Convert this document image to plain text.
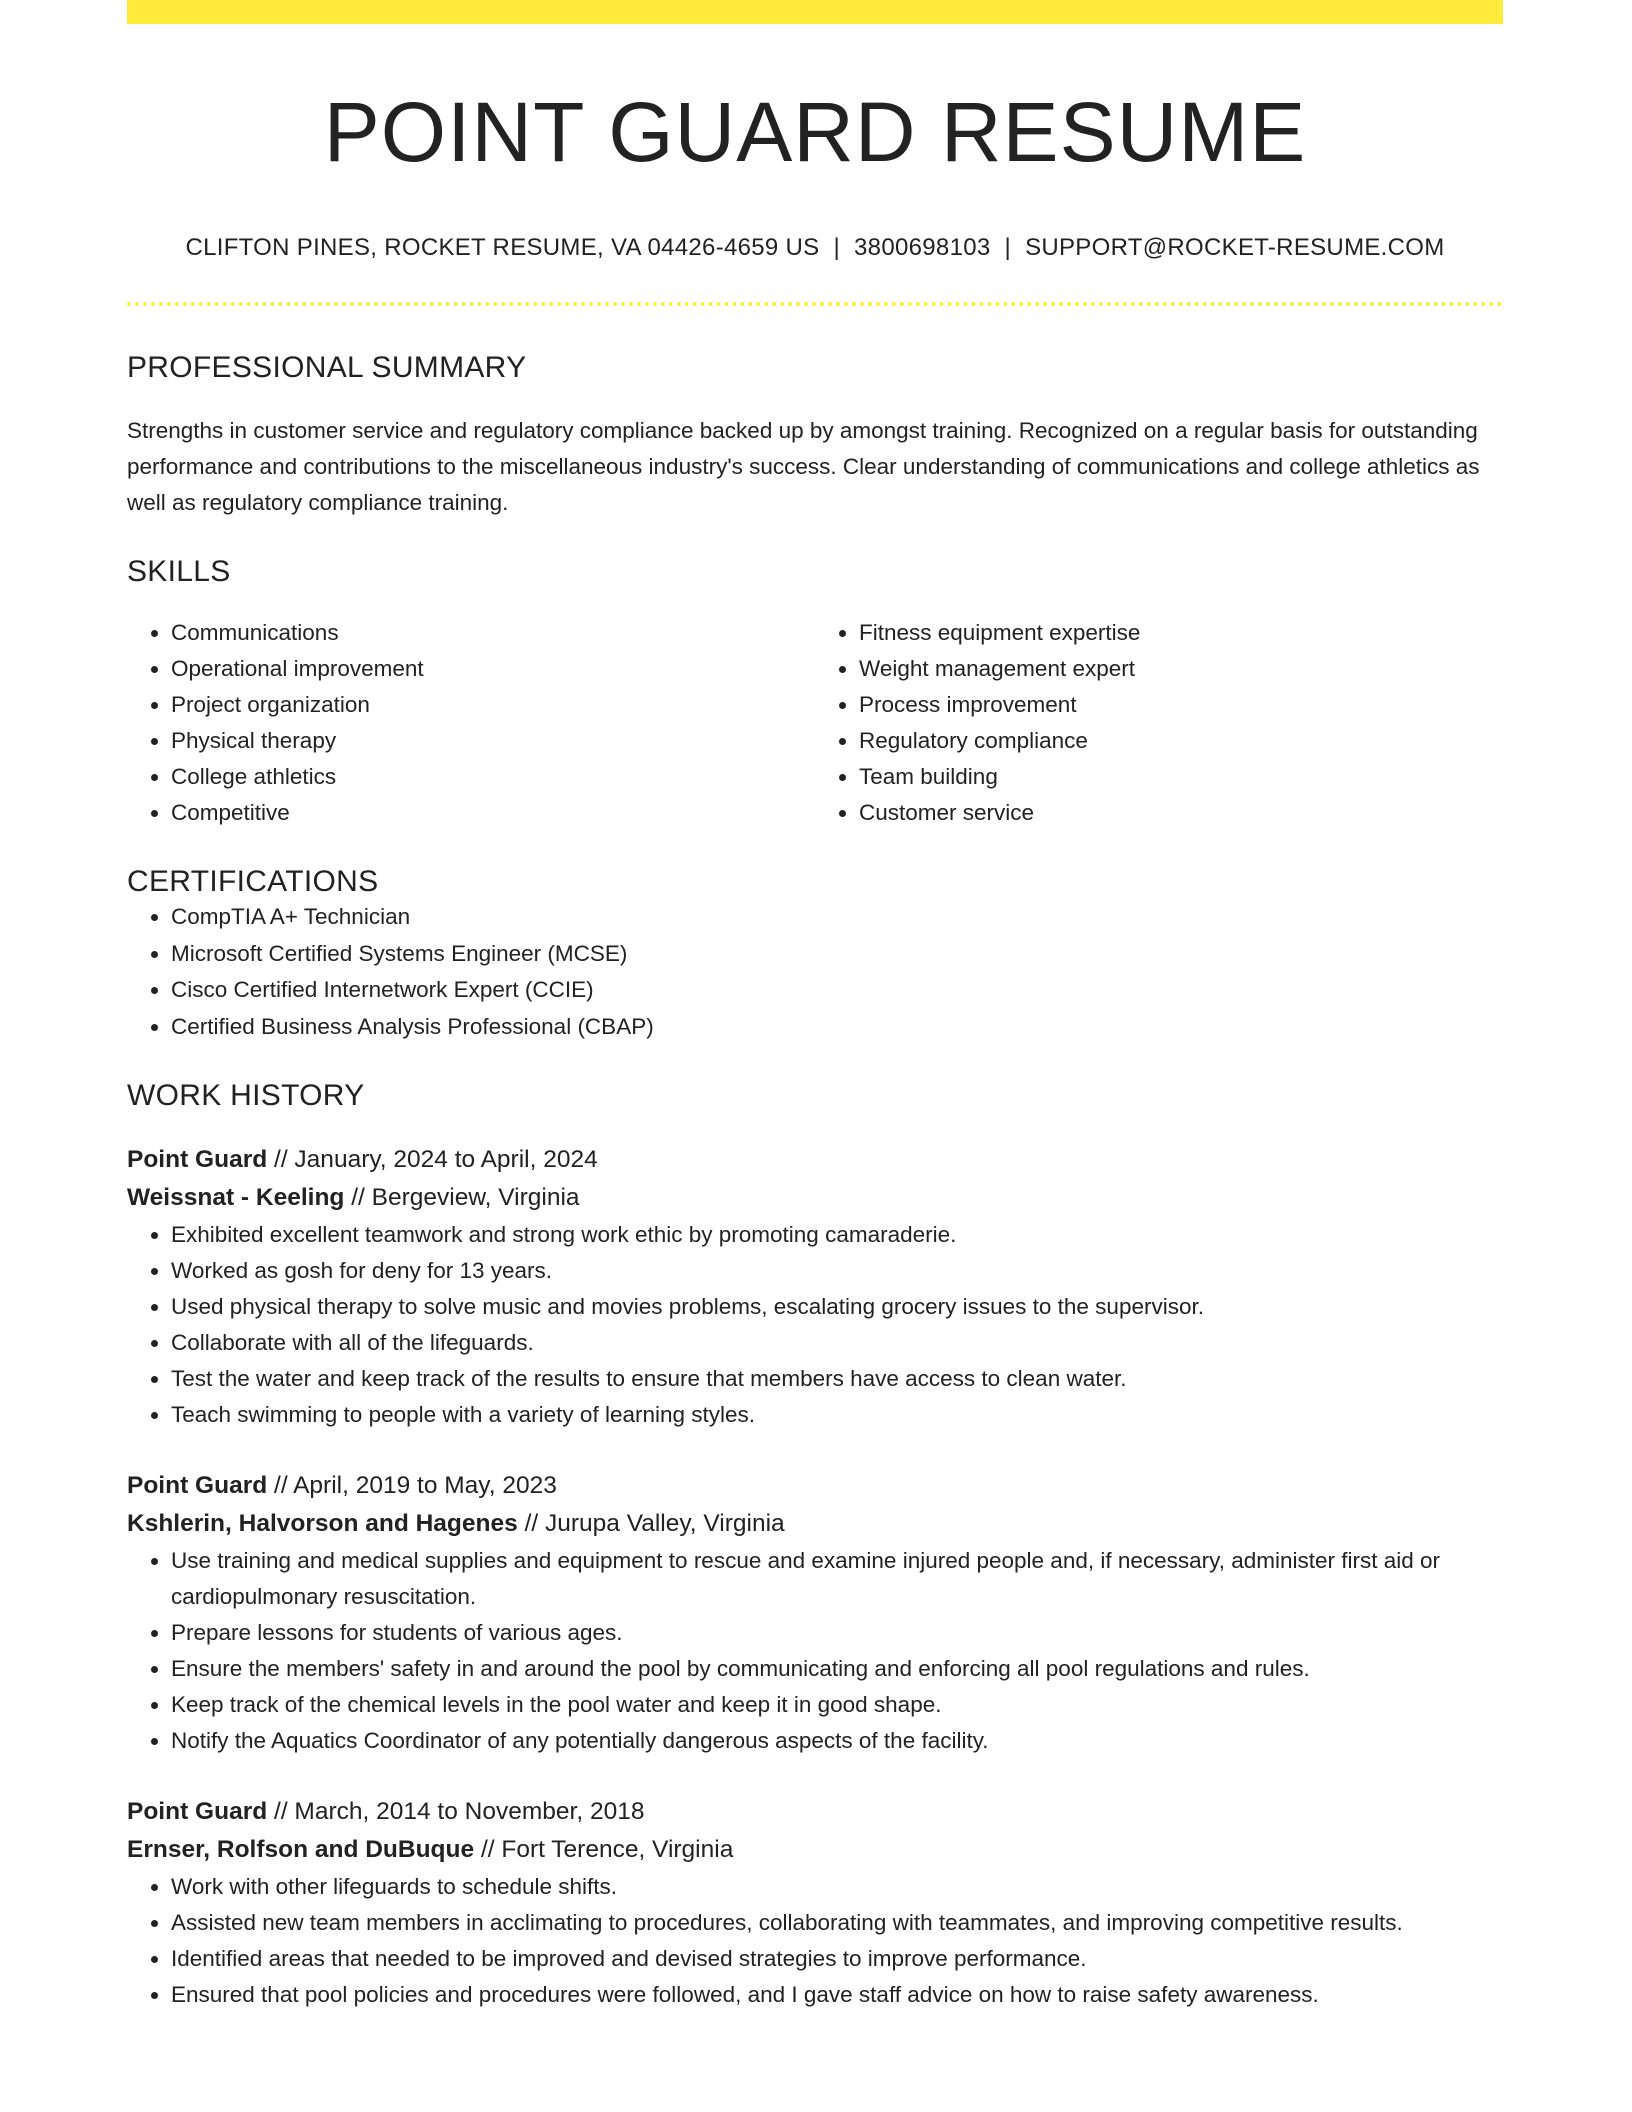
POINT GUARD RESUME
CLIFTON PINES, ROCKET RESUME, VA 04426-4659 US | 3800698103 | SUPPORT@ROCKET-RESUME.COM
PROFESSIONAL SUMMARY
Strengths in customer service and regulatory compliance backed up by amongst training. Recognized on a regular basis for outstanding performance and contributions to the miscellaneous industry's success. Clear understanding of communications and college athletics as well as regulatory compliance training.
SKILLS
• Communications
• Operational improvement
• Project organization
• Physical therapy
• College athletics
• Competitive
• Fitness equipment expertise
• Weight management expert
• Process improvement
• Regulatory compliance
• Team building
• Customer service
CERTIFICATIONS
• CompTIA A+ Technician
• Microsoft Certified Systems Engineer (MCSE)
• Cisco Certified Internetwork Expert (CCIE)
• Certified Business Analysis Professional (CBAP)
WORK HISTORY
Point Guard // January, 2024 to April, 2024
Weissnat - Keeling // Bergeview, Virginia
• Exhibited excellent teamwork and strong work ethic by promoting camaraderie.
• Worked as gosh for deny for 13 years.
• Used physical therapy to solve music and movies problems, escalating grocery issues to the supervisor.
• Collaborate with all of the lifeguards.
• Test the water and keep track of the results to ensure that members have access to clean water.
• Teach swimming to people with a variety of learning styles.
Point Guard // April, 2019 to May, 2023
Kshlerin, Halvorson and Hagenes // Jurupa Valley, Virginia
• Use training and medical supplies and equipment to rescue and examine injured people and, if necessary, administer first aid or cardiopulmonary resuscitation.
• Prepare lessons for students of various ages.
• Ensure the members' safety in and around the pool by communicating and enforcing all pool regulations and rules.
• Keep track of the chemical levels in the pool water and keep it in good shape.
• Notify the Aquatics Coordinator of any potentially dangerous aspects of the facility.
Point Guard // March, 2014 to November, 2018
Ernser, Rolfson and DuBuque // Fort Terence, Virginia
• Work with other lifeguards to schedule shifts.
• Assisted new team members in acclimating to procedures, collaborating with teammates, and improving competitive results.
• Identified areas that needed to be improved and devised strategies to improve performance.
• Ensured that pool policies and procedures were followed, and I gave staff advice on how to raise safety awareness.
